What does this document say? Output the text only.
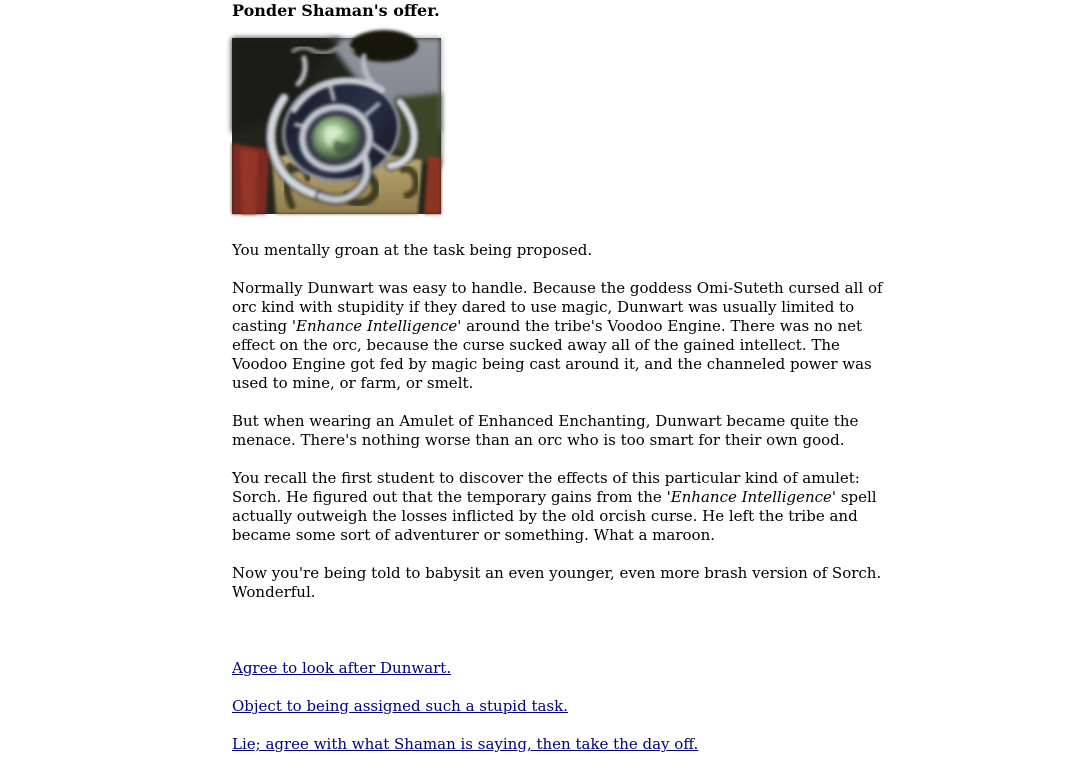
Ponder Shaman's offer.

You mentally groan at the task being proposed.

Normally Dunwart was easy to handle. Because the goddess Omi-Suteth cursed all of orc kind with stupidity if they dared to use magic, Dunwart was usually limited to casting 'Enhance Intelligence' around the tribe's Voodoo Engine. There was no net effect on the orc, because the curse sucked away all of the gained intellect. The Voodoo Engine got fed by magic being cast around it, and the channeled power was used to mine, or farm, or smelt.

But when wearing an Amulet of Enhanced Enchanting, Dunwart became quite the menace. There's nothing worse than an orc who is too smart for their own good.

You recall the first student to discover the effects of this particular kind of amulet: Sorch. He figured out that the temporary gains from the 'Enhance Intelligence' spell actually outweigh the losses inflicted by the old orcish curse. He left the tribe and became some sort of adventurer or something. What a maroon.

Now you're being told to babysit an even younger, even more brash version of Sorch. Wonderful.

Agree to look after Dunwart.

Object to being assigned such a stupid task.

Lie; agree with what Shaman is saying, then take the day off.
